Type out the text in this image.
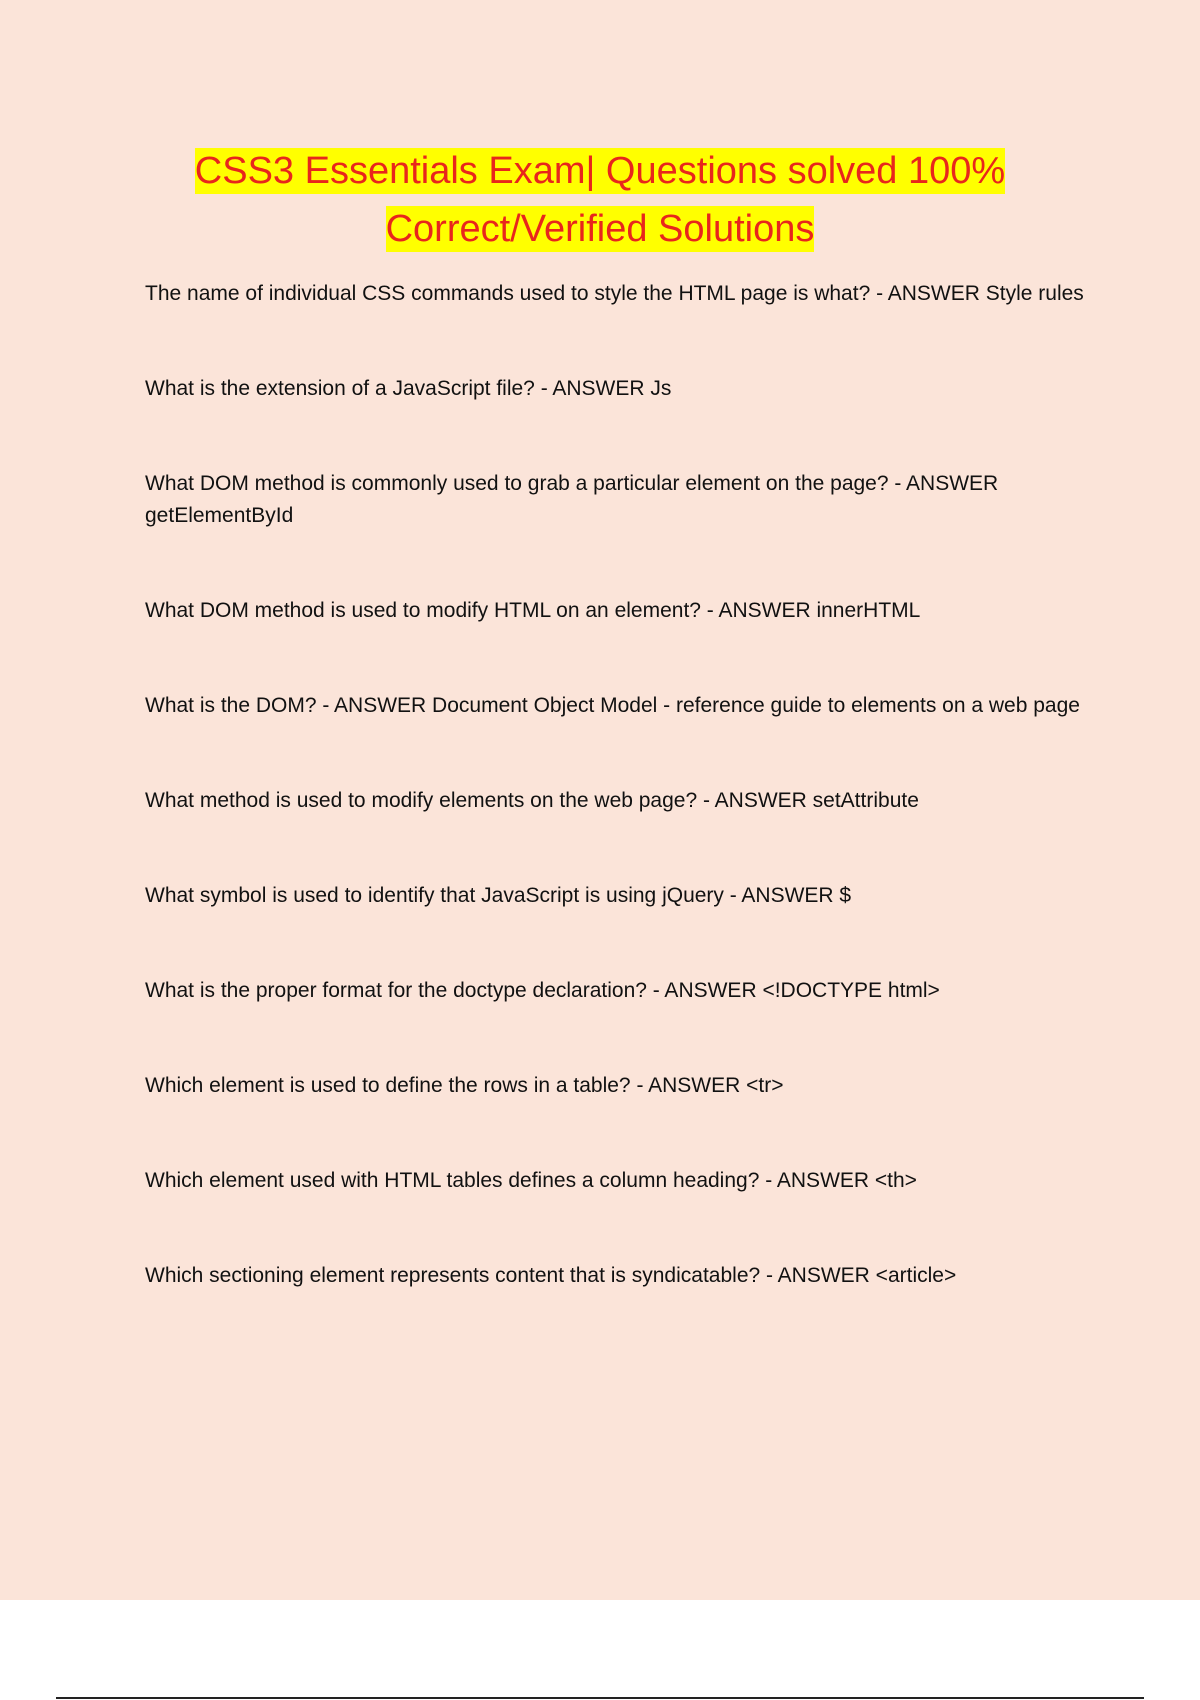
CSS3 Essentials Exam| Questions solved 100%
Correct/Verified Solutions
The name of individual CSS commands used to style the HTML page is what? - ANSWER Style rules
What is the extension of a JavaScript file? - ANSWER Js
What DOM method is commonly used to grab a particular element on the page? - ANSWER getElementById
What DOM method is used to modify HTML on an element? - ANSWER innerHTML
What is the DOM? - ANSWER Document Object Model - reference guide to elements on a web page
What method is used to modify elements on the web page? - ANSWER setAttribute
What symbol is used to identify that JavaScript is using jQuery - ANSWER $
What is the proper format for the doctype declaration? - ANSWER <!DOCTYPE html>
Which element is used to define the rows in a table? - ANSWER <tr>
Which element used with HTML tables defines a column heading? - ANSWER <th>
Which sectioning element represents content that is syndicatable? - ANSWER <article>
